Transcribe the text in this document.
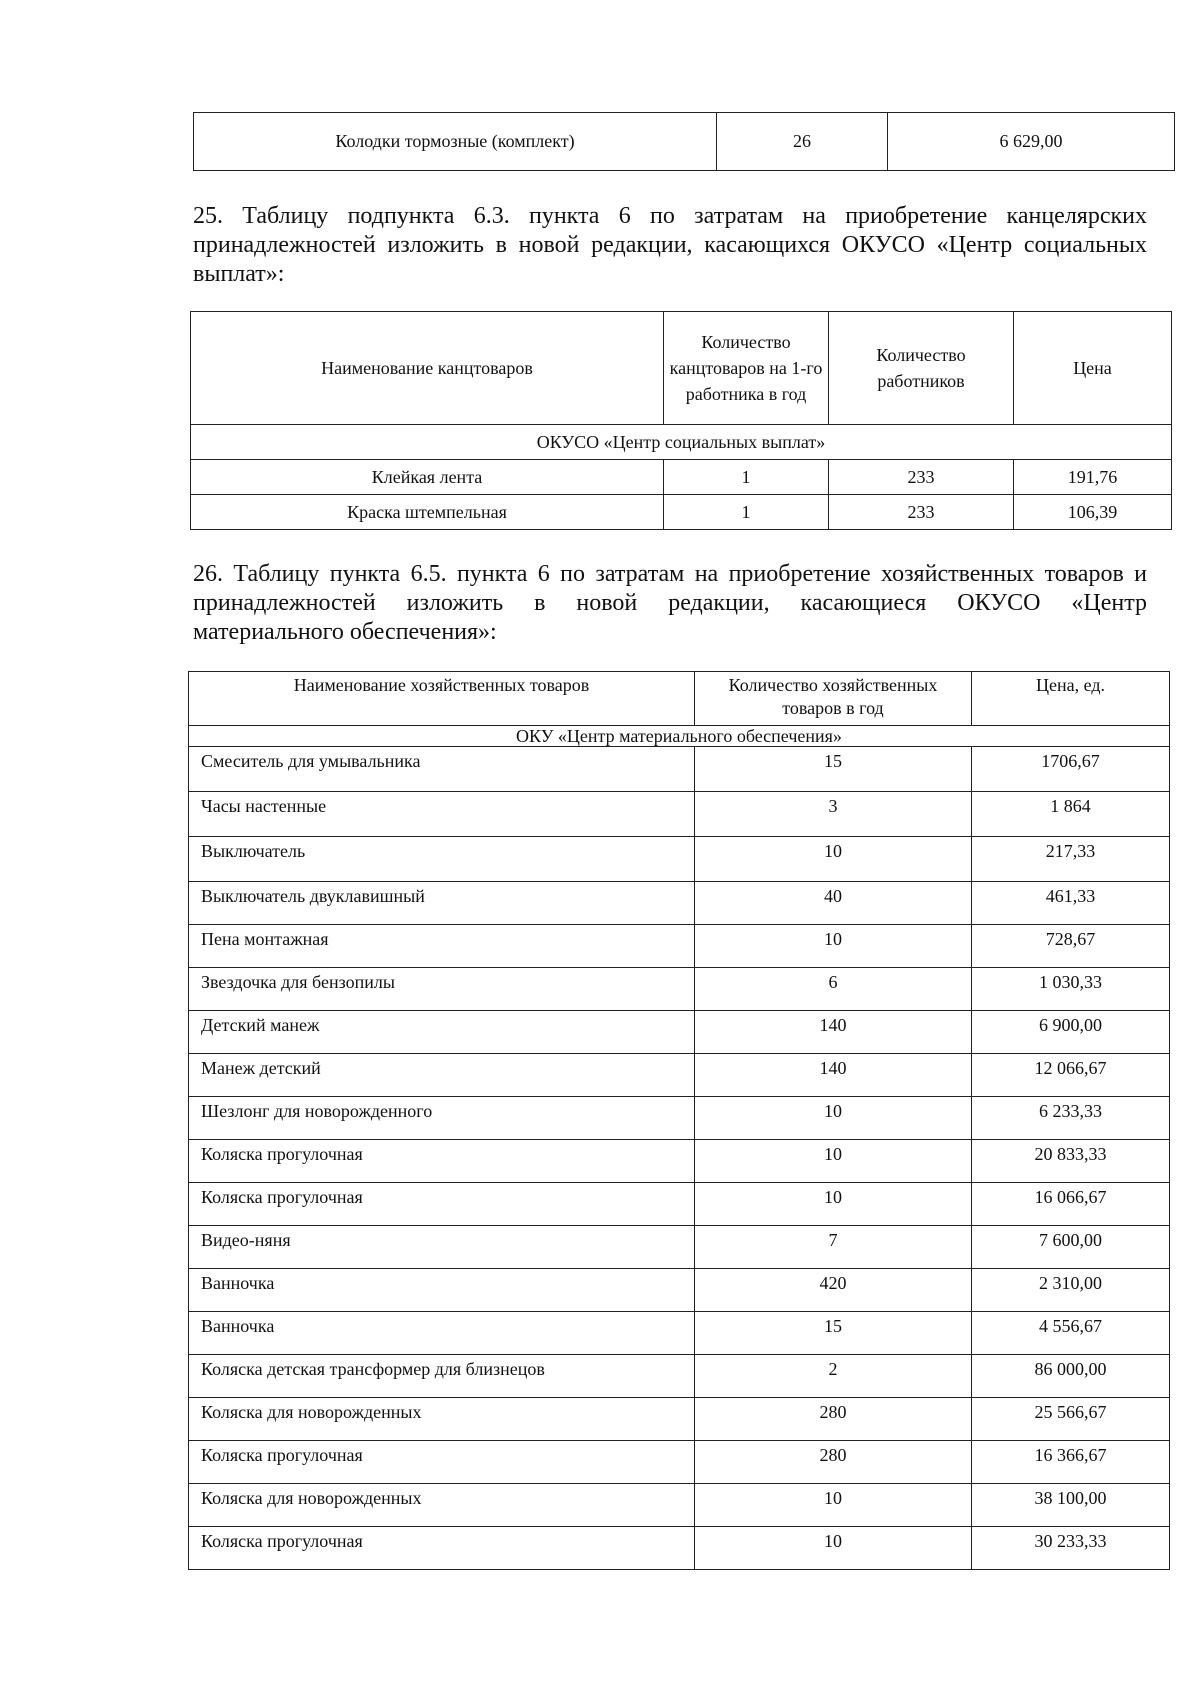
Колодки тормозные (комплект)	26	6 629,00
25. Таблицу подпункта 6.3. пункта 6 по затратам на приобретение канцелярских
принадлежностей изложить в новой редакции, касающихся ОКУСО «Центр социальных
выплат»:
Наименование канцтоваров	Количество канцтоваров на 1-го работника в год	Количество работников	Цена
ОКУСО «Центр социальных выплат»			
Клейкая лента	1	233	191,76
Краска штемпельная	1	233	106,39
26. Таблицу пункта 6.5. пункта 6 по затратам на приобретение хозяйственных товаров и
принадлежностей изложить в новой редакции, касающиеся ОКУСО «Центр
материального обеспечения»:
Наименование хозяйственных товаров	Количество хозяйственных товаров в год	Цена, ед.
ОКУ «Центр материального обеспечения»		
Смеситель для умывальника	15	1706,67
Часы настенные	3	1 864
Выключатель	10	217,33
Выключатель двуклавишный	40	461,33
Пена монтажная	10	728,67
Звездочка для бензопилы	6	1 030,33
Детский манеж	140	6 900,00
Манеж детский	140	12 066,67
Шезлонг для новорожденного	10	6 233,33
Коляска прогулочная	10	20 833,33
Коляска прогулочная	10	16 066,67
Видео-няня	7	7 600,00
Ванночка	420	2 310,00
Ванночка	15	4 556,67
Коляска детская трансформер для близнецов	2	86 000,00
Коляска для новорожденных	280	25 566,67
Коляска прогулочная	280	16 366,67
Коляска для новорожденных	10	38 100,00
Коляска прогулочная	10	30 233,33
